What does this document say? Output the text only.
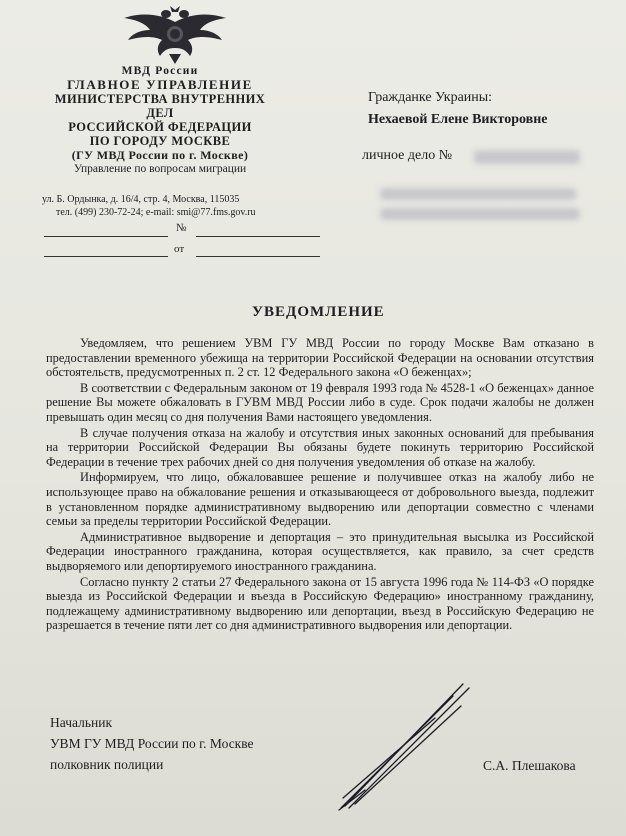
МВД России
ГЛАВНОЕ УПРАВЛЕНИЕ
МИНИСТЕРСТВА ВНУТРЕННИХ ДЕЛ
РОССИЙСКОЙ ФЕДЕРАЦИИ
ПО ГОРОДУ МОСКВЕ
(ГУ МВД России по г. Москве)
Управление по вопросам миграции
ул. Б. Ордынка, д. 16/4, стр. 4, Москва, 115035
тел. (499) 230-72-24; e-mail: smi@77.fms.gov.ru
№
от
Гражданке Украины:
Нехаевой Елене Викторовне
личное дело №
УВЕДОМЛЕНИЕ

Уведомляем, что решением УВМ ГУ МВД России по городу Москве Вам отказано в предоставлении временного убежища на территории Российской Федерации на основании отсутствия обстоятельств, предусмотренных п. 2 ст. 12 Федерального закона «О беженцах»;

В соответствии с Федеральным законом от 19 февраля 1993 года № 4528-1 «О беженцах» данное решение Вы можете обжаловать в ГУВМ МВД России либо в суде. Срок подачи жалобы не должен превышать один месяц со дня получения Вами настоящего уведомления.

В случае получения отказа на жалобу и отсутствия иных законных оснований для пребывания на территории Российской Федерации Вы обязаны будете покинуть территорию Российской Федерации в течение трех рабочих дней со дня получения уведомления об отказе на жалобу.

Информируем, что лицо, обжаловавшее решение и получившее отказ на жалобу либо не использующее право на обжалование решения и отказывающееся от добровольного выезда, подлежит в установленном порядке административному выдворению или депортации совместно с членами семьи за пределы территории Российской Федерации.

Административное выдворение и депортация – это принудительная высылка из Российской Федерации иностранного гражданина, которая осуществляется, как правило, за счет средств выдворяемого или депортируемого иностранного гражданина.

Согласно пункту 2 статьи 27 Федерального закона от 15 августа 1996 года № 114-ФЗ «О порядке выезда из Российской Федерации и въезда в Российскую Федерацию» иностранному гражданину, подлежащему административному выдворению или депортации, въезд в Российскую Федерацию не разрешается в течение пяти лет со дня административного выдворения или депортации.

Начальник
УВМ ГУ МВД России по г. Москве
полковник полиции	С.А. Плешакова
